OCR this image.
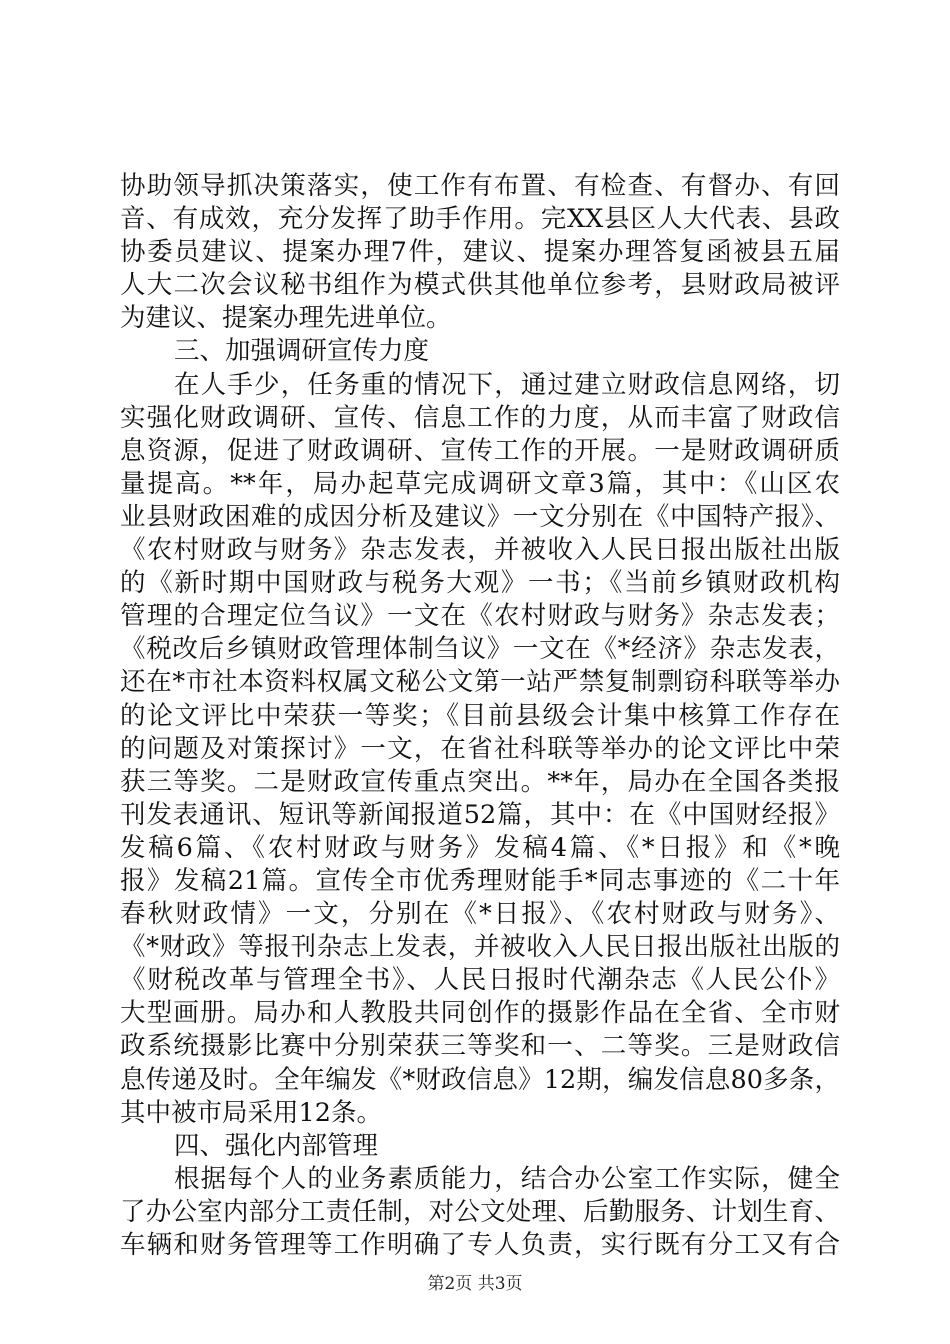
协助领导抓决策落实，使工作有布置、有检查、有督办、有回
音、有成效，充分发挥了助手作用。完XX县区人大代表、县政
协委员建议、提案办理7件，建议、提案办理答复函被县五届
人大二次会议秘书组作为模式供其他单位参考，县财政局被评
为建议、提案办理先进单位。
三、加强调研宣传力度
在人手少，任务重的情况下，通过建立财政信息网络，切
实强化财政调研、宣传、信息工作的力度，从而丰富了财政信
息资源，促进了财政调研、宣传工作的开展。一是财政调研质
量提高。**年，局办起草完成调研文章3篇，其中：《山区农
业县财政困难的成因分析及建议》一文分别在《中国特产报》、
《农村财政与财务》杂志发表，并被收入人民日报出版社出版
的《新时期中国财政与税务大观》一书；《当前乡镇财政机构
管理的合理定位刍议》一文在《农村财政与财务》杂志发表；
《税改后乡镇财政管理体制刍议》一文在《*经济》杂志发表，
还在*市社本资料权属文秘公文第一站严禁复制剽窃科联等举办
的论文评比中荣获一等奖；《目前县级会计集中核算工作存在
的问题及对策探讨》一文，在省社科联等举办的论文评比中荣
获三等奖。二是财政宣传重点突出。**年，局办在全国各类报
刊发表通讯、短讯等新闻报道52篇，其中：在《中国财经报》
发稿6篇、《农村财政与财务》发稿4篇、《*日报》和《*晚
报》发稿21篇。宣传全市优秀理财能手*同志事迹的《二十年
春秋财政情》一文，分别在《*日报》、《农村财政与财务》、
《*财政》等报刊杂志上发表，并被收入人民日报出版社出版的
《财税改革与管理全书》、人民日报时代潮杂志《人民公仆》
大型画册。局办和人教股共同创作的摄影作品在全省、全市财
政系统摄影比赛中分别荣获三等奖和一、二等奖。三是财政信
息传递及时。全年编发《*财政信息》12期，编发信息80多条，
其中被市局采用12条。
四、强化内部管理
根据每个人的业务素质能力，结合办公室工作实际，健全
了办公室内部分工责任制，对公文处理、后勤服务、计划生育、
车辆和财务管理等工作明确了专人负责，实行既有分工又有合
第2页 共3页
